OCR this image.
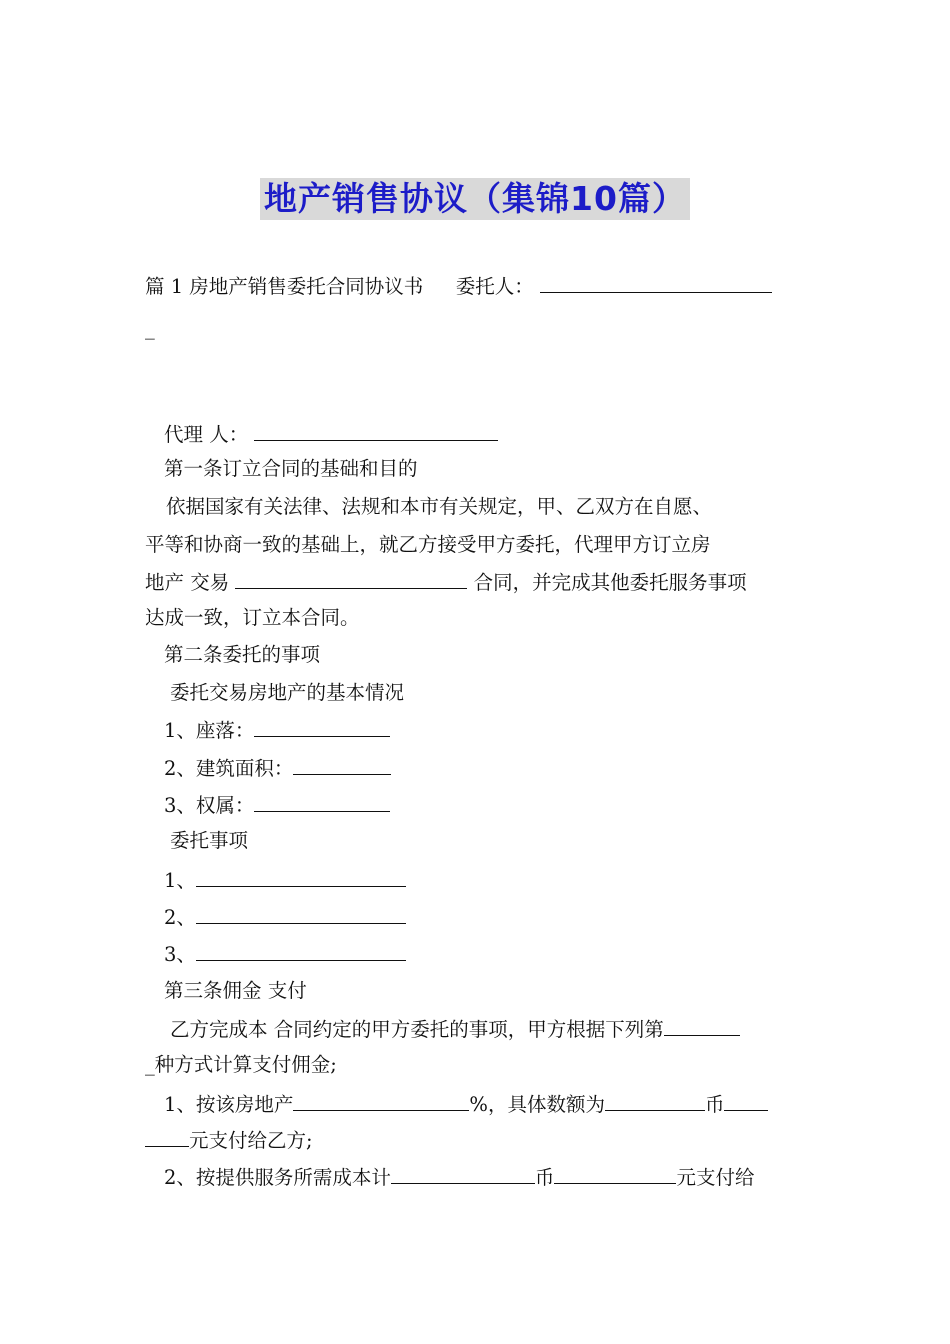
地产销售协议（集锦10篇）
篇 1 房地产销售委托合同协议书 委托人：
_
代理 人：
第一条订立合同的基础和目的
依据国家有关法律、法规和本市有关规定，甲、乙双方在自愿、
平等和协商一致的基础上，就乙方接受甲方委托，代理甲方订立房
地产 交易	合同，并完成其他委托服务事项
达成一致，订立本合同。
第二条委托的事项
委托交易房地产的基本情况
1、座落：
2、建筑面积：
3、权属：
委托事项
1、
2、
3、
第三条佣金 支付
乙方完成本 合同约定的甲方委托的事项，甲方根据下列第
_种方式计算支付佣金;
1、按该房地产	%，具体数额为	币
元支付给乙方;
2、按提供服务所需成本计	币	元支付给
